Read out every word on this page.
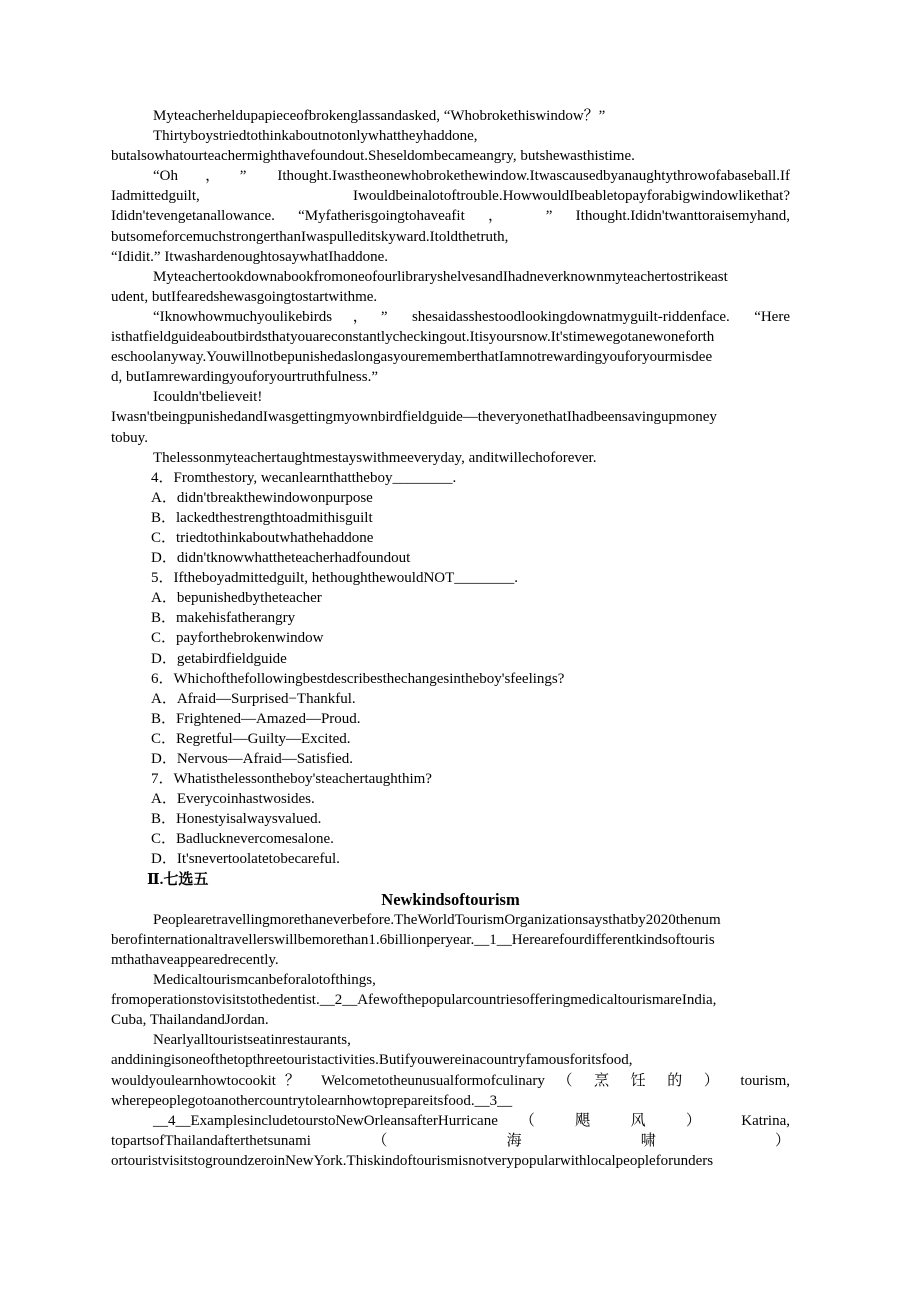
Myteacherheldupapieceofbrokenglassandasked, “Whobrokethiswindow？”
Thirtyboystriedtothinkaboutnotonlywhattheyhaddone,
butalsowhatourteachermighthavefoundout.Sheseldombecameangry, butshewasthistime.
“Oh，” Ithought.Iwastheonewhobrokethewindow.Itwascausedbyanaughtythrowofabaseball.If
Iadmittedguilt, Iwouldbeinalotoftrouble.HowwouldIbeabletopayforabigwindowlikethat?
Ididn'tevengetanallowance. “Myfatherisgoingtohaveafit ， ” Ithought.Ididn'twanttoraisemyhand,
butsomeforcemuchstrongerthanIwaspulleditskyward.Itoldthetruth,
“Ididit.” ItwashardenoughtosaywhatIhaddone.
MyteachertookdownabookfromoneofourlibraryshelvesandIhadneverknownmyteachertostrikeast
udent, butIfearedshewasgoingtostartwithme.
“Iknowhowmuchyoulikebirds，” shesaidasshestoodlookingdownatmyguilt-riddenface. “Here
isthatfieldguideaboutbirdsthatyouareconstantlycheckingout.Itisyoursnow.It'stimewegotanewoneforth
eschoolanyway.YouwillnotbepunishedaslongasyourememberthatIamnotrewardingyouforyourmisdee
d, butIamrewardingyouforyourtruthfulness.”
Icouldn'tbelieveit!
Iwasn'tbeingpunishedandIwasgettingmyownbirdfieldguide—theveryonethatIhadbeensavingupmoney
tobuy.
Thelessonmyteachertaughtmestayswithmeeveryday, anditwillechoforever.
4．Fromthestory, wecanlearnthattheboy________.
A．didn'tbreakthewindowonpurpose
B．lackedthestrengthtoadmithisguilt
C．triedtothinkaboutwhathehaddone
D．didn'tknowwhattheteacherhadfoundout
5．Iftheboyadmittedguilt, hethoughthewouldNOT________.
A．bepunishedbytheteacher
B．makehisfatherangry
C．payforthebrokenwindow
D．getabirdfieldguide
6．Whichofthefollowingbestdescribesthechangesintheboy'sfeelings?
A．Afraid—Surprised−Thankful.
B．Frightened—Amazed—Proud.
C．Regretful—Guilty—Excited.
D．Nervous—Afraid—Satisfied.
7．Whatisthelessontheboy'steachertaughthim?
A．Everycoinhastwosides.
B．Honestyisalwaysvalued.
C．Badlucknevercomesalone.
D．It'snevertoolatetobecareful.
Ⅱ.七选五
Newkindsoftourism
Peoplearetravellingmorethaneverbefore.TheWorldTourismOrganizationsaysthatby2020thenum
berofinternationaltravellerswillbemorethan1.6billionperyear.__1__Herearefourdifferentkindsoftouris
mthathaveappearedrecently.
Medicaltourismcanbeforalotofthings,
fromoperationstovisitstothedentist.__2__AfewofthepopularcountriesofferingmedicaltourismareIndia,
Cuba, ThailandandJordan.
Nearlyalltouristseatinrestaurants,
anddiningisoneofthetopthreetouristactivities.Butifyouwereinacountryfamousforitsfood,
wouldyoulearnhowtocookit？ Welcometotheunusualformofculinary （ 烹 饪 的 ） tourism,
wherepeoplegotoanothercountrytolearnhowtoprepareitsfood.__3__
__4__ExamplesincludetourstoNewOrleansafterHurricane （ 飓 风 ） Katrina,
topartsofThailandafterthetsunami （ 海 啸 ）
ortouristvisitstogroundzeroinNewYork.Thiskindoftourismisnotverypopularwithlocalpeopleforunders
